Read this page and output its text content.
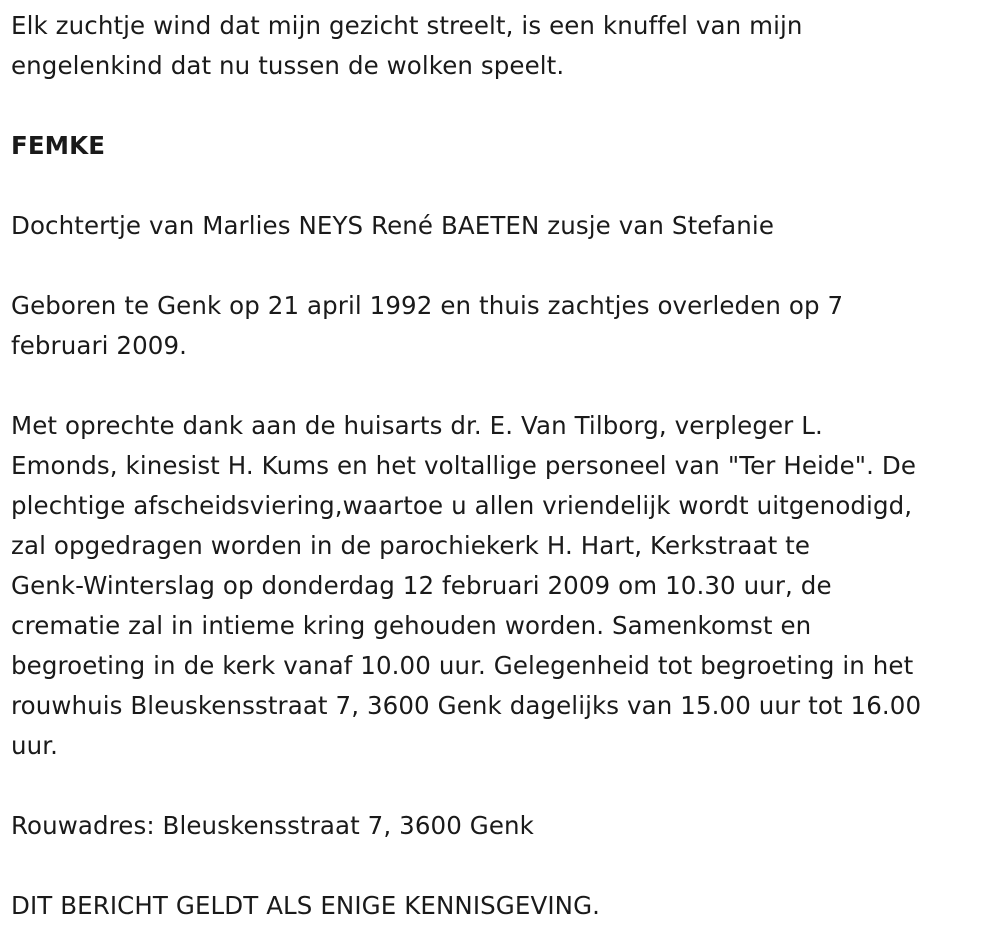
Elk zuchtje wind dat mijn gezicht streelt, is een knuffel van mijn
engelenkind dat nu tussen de wolken speelt.

FEMKE

Dochtertje van Marlies NEYS René BAETEN zusje van Stefanie

Geboren te Genk op 21 april 1992 en thuis zachtjes overleden op 7
februari 2009.

Met oprechte dank aan de huisarts dr. E. Van Tilborg, verpleger L.
Emonds, kinesist H. Kums en het voltallige personeel van "Ter Heide". De
plechtige afscheidsviering,waartoe u allen vriendelijk wordt uitgenodigd,
zal opgedragen worden in de parochiekerk H. Hart, Kerkstraat te
Genk-Winterslag op donderdag 12 februari 2009 om 10.30 uur, de
crematie zal in intieme kring gehouden worden. Samenkomst en
begroeting in de kerk vanaf 10.00 uur. Gelegenheid tot begroeting in het
rouwhuis Bleuskensstraat 7, 3600 Genk dagelijks van 15.00 uur tot 16.00
uur.

Rouwadres: Bleuskensstraat 7, 3600 Genk

DIT BERICHT GELDT ALS ENIGE KENNISGEVING.
